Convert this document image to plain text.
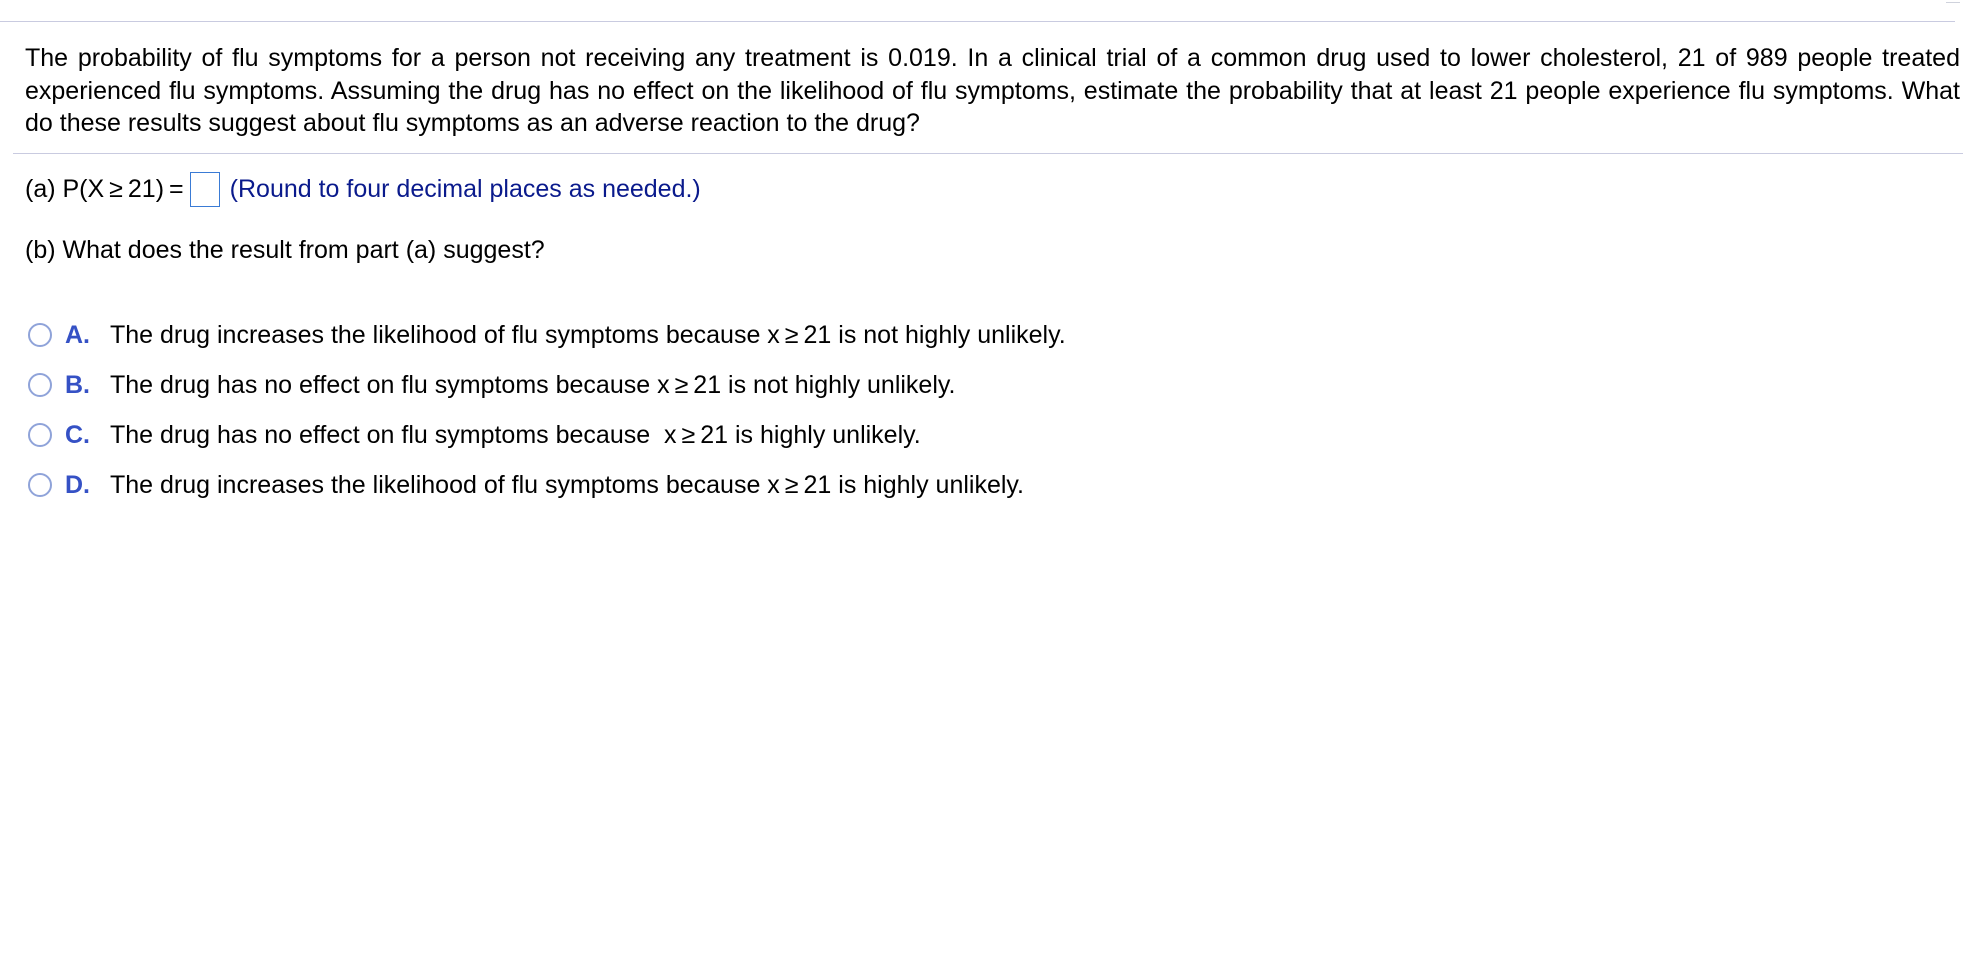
The probability of flu symptoms for a person not receiving any treatment is 0.019. In a clinical trial of a common drug used to lower cholesterol, 21 of 989 people treated experienced flu symptoms. Assuming the drug has no effect on the likelihood of flu symptoms, estimate the probability that at least 21 people experience flu symptoms. What do these results suggest about flu symptoms as an adverse reaction to the drug?
(a) P(X ≥ 21) = (Round to four decimal places as needed.)
(b) What does the result from part (a) suggest?
A. The drug increases the likelihood of flu symptoms because x ≥ 21 is not highly unlikely.
B. The drug has no effect on flu symptoms because x ≥ 21 is not highly unlikely.
C. The drug has no effect on flu symptoms because  x ≥ 21 is highly unlikely.
D. The drug increases the likelihood of flu symptoms because x ≥ 21 is highly unlikely.
